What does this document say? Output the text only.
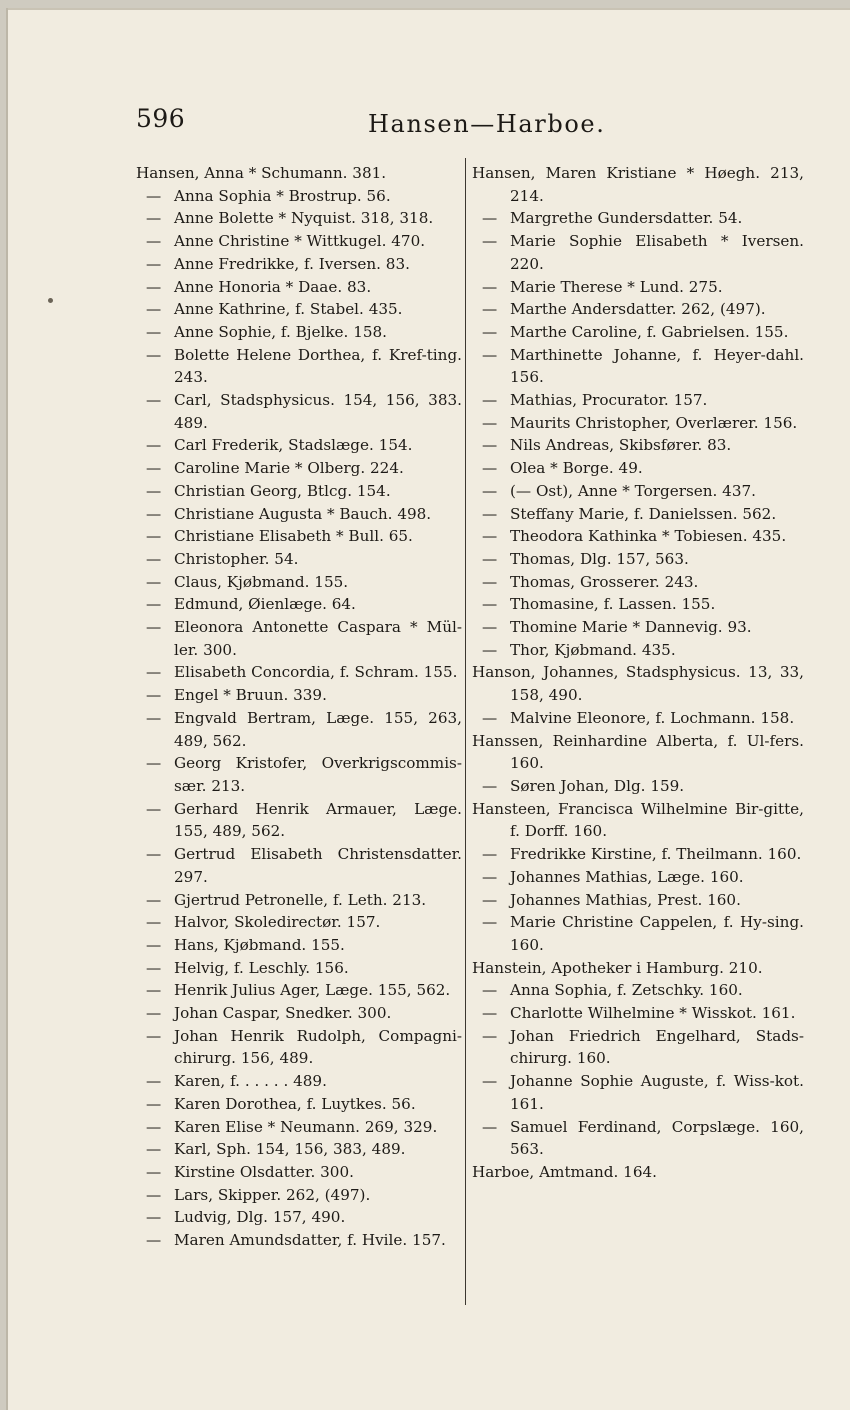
596	Hansen—Harboe.

Hansen, Anna * Schumann. 381.

— Anna Sophia * Brostrup. 56.

— Anne Bolette * Nyquist. 318, 318.

— Anne Christine * Wittkugel. 470.

— Anne Fredrikke, f. Iversen. 83.

— Anne Honoria * Daae. 83.

— Anne Kathrine, f. Stabel. 435.

— Anne Sophie, f. Bjelke. 158.

— Bolette Helene Dorthea, f. Kref-ting. 243.

— Carl, Stadsphysicus. 154, 156, 383. 489.

— Carl Frederik, Stadslæge. 154.

— Caroline Marie * Olberg. 224.

— Christian Georg, Btlcg. 154.

— Christiane Augusta * Bauch. 498.

— Christiane Elisabeth * Bull. 65.

— Christopher. 54.

— Claus, Kjøbmand. 155.

— Edmund, Øienlæge. 64.

— Eleonora Antonette Caspara * Mül-ler. 300.

— Elisabeth Concordia, f. Schram. 155.

— Engel * Bruun. 339.

— Engvald Bertram, Læge. 155, 263, 489, 562.

— Georg Kristofer, Overkrigscommis-sær. 213.

— Gerhard Henrik Armauer, Læge. 155, 489, 562.

— Gertrud Elisabeth Christensdatter. 297.

— Gjertrud Petronelle, f. Leth. 213.

— Halvor, Skoledirectør. 157.

— Hans, Kjøbmand. 155.

— Helvig, f. Leschly. 156.

— Henrik Julius Ager, Læge. 155, 562.

— Johan Caspar, Snedker. 300.

— Johan Henrik Rudolph, Compagni-chirurg. 156, 489.

— Karen, f. . . . . . 489.

— Karen Dorothea, f. Luytkes. 56.

— Karen Elise * Neumann. 269, 329.

— Karl, Sph. 154, 156, 383, 489.

— Kirstine Olsdatter. 300.

— Lars, Skipper. 262, (497).

— Ludvig, Dlg. 157, 490.

— Maren Amundsdatter, f. Hvile. 157.

Hansen, Maren Kristiane * Høegh. 213, 214.

— Margrethe Gundersdatter. 54.

— Marie Sophie Elisabeth * Iversen. 220.

— Marie Therese * Lund. 275.

— Marthe Andersdatter. 262, (497).

— Marthe Caroline, f. Gabrielsen. 155.

— Marthinette Johanne, f. Heyer-dahl. 156.

— Mathias, Procurator. 157.

— Maurits Christopher, Overlærer. 156.

— Nils Andreas, Skibsfører. 83.

— Olea * Borge. 49.

— (— Ost), Anne * Torgersen. 437.

— Steffany Marie, f. Danielssen. 562.

— Theodora Kathinka * Tobiesen. 435.

— Thomas, Dlg. 157, 563.

— Thomas, Grosserer. 243.

— Thomasine, f. Lassen. 155.

— Thomine Marie * Dannevig. 93.

— Thor, Kjøbmand. 435.

Hanson, Johannes, Stadsphysicus. 13, 33, 158, 490.

— Malvine Eleonore, f. Lochmann. 158.

Hanssen, Reinhardine Alberta, f. Ul-fers. 160.

— Søren Johan, Dlg. 159.

Hansteen, Francisca Wilhelmine Bir-gitte, f. Dorff. 160.

— Fredrikke Kirstine, f. Theilmann. 160.

— Johannes Mathias, Læge. 160.

— Johannes Mathias, Prest. 160.

— Marie Christine Cappelen, f. Hy-sing. 160.

Hanstein, Apotheker i Hamburg. 210.

— Anna Sophia, f. Zetschky. 160.

— Charlotte Wilhelmine * Wisskot. 161.

— Johan Friedrich Engelhard, Stads-chirurg. 160.

— Johanne Sophie Auguste, f. Wiss-kot. 161.

— Samuel Ferdinand, Corpslæge. 160, 563.

Harboe, Amtmand. 164.
